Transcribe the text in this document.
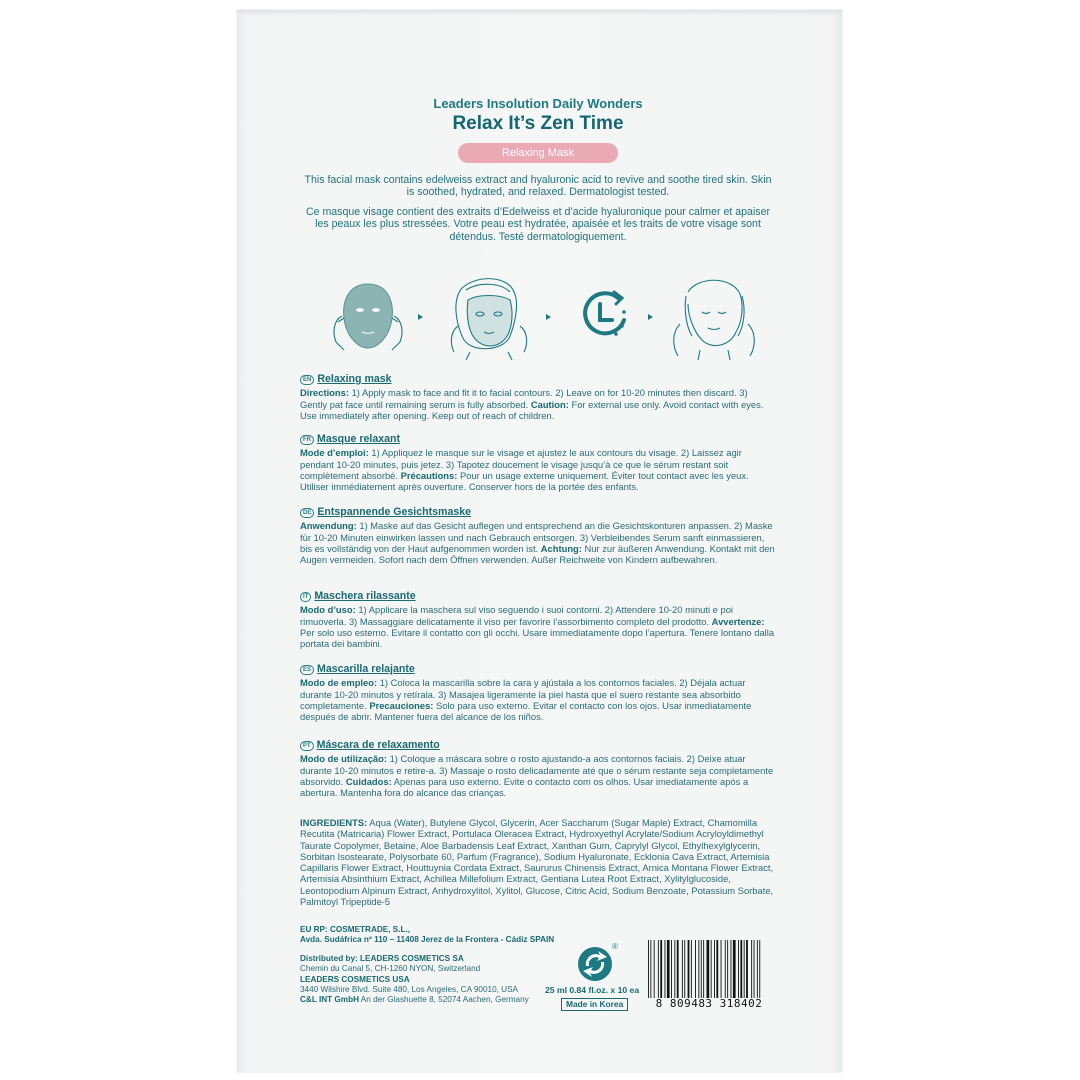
Leaders Insolution Daily Wonders
Relax It’s Zen Time
Relaxing Mask
This facial mask contains edelweiss extract and hyaluronic acid to revive and soothe tired skin. Skin is soothed, hydrated, and relaxed. Dermatologist tested.
Ce masque visage contient des extraits d’Edelweiss et d’acide hyaluronique pour calmer et apaiser les peaux les plus stressées. Votre peau est hydratée, apaisée et les traits de votre visage sont détendus. Testé dermatologiquement.
EN Relaxing mask
Directions: 1) Apply mask to face and fit it to facial contours. 2) Leave on for 10-20 minutes then discard. 3) Gently pat face until remaining serum is fully absorbed. Caution: For external use only. Avoid contact with eyes. Use immediately after opening. Keep out of reach of children.
FR Masque relaxant
Mode d’emploi: 1) Appliquez le masque sur le visage et ajustez le aux contours du visage. 2) Laissez agir pendant 10-20 minutes, puis jetez. 3) Tapotez doucement le visage jusqu’à ce que le sérum restant soit complètement absorbé. Précautions: Pour un usage externe uniquement. Éviter tout contact avec les yeux. Utiliser immédiatement après ouverture. Conserver hors de la portée des enfants.
DE Entspannende Gesichtsmaske
Anwendung: 1) Maske auf das Gesicht auflegen und entsprechend an die Gesichtskonturen anpassen. 2) Maske für 10-20 Minuten einwirken lassen und nach Gebrauch entsorgen. 3) Verbleibendes Serum sanft einmassieren, bis es vollständig von der Haut aufgenommen worden ist. Achtung: Nur zur äußeren Anwendung. Kontakt mit den Augen vermeiden. Sofort nach dem Öffnen verwenden. Außer Reichweite von Kindern aufbewahren.
IT Maschera rilassante
Modo d’uso: 1) Applicare la maschera sul viso seguendo i suoi contorni. 2) Attendere 10-20 minuti e poi rimuoverla. 3) Massaggiare delicatamente il viso per favorire l’assorbimento completo del prodotto. Avvertenze: Per solo uso esterno. Evitare il contatto con gli occhi. Usare immediatamente dopo l’apertura. Tenere lontano dalla portata dei bambini.
ES Mascarilla relajante
Modo de empleo: 1) Coloca la mascarilla sobre la cara y ajústala a los contornos faciales. 2) Déjala actuar durante 10-20 minutos y retírala. 3) Masajea ligeramente la piel hasta que el suero restante sea absorbido completamente. Precauciones: Solo para uso externo. Evitar el contacto con los ojos. Usar inmediatamente después de abrir. Mantener fuera del alcance de los niños.
PT Máscara de relaxamento
Modo de utilização: 1) Coloque a máscara sobre o rosto ajustando-a aos contornos faciais. 2) Deixe atuar durante 10-20 minutos e retire-a. 3) Massaje o rosto delicadamente até que o sérum restante seja completamente absorvido. Cuidados: Apenas para uso externo. Evite o contacto com os olhos. Usar imediatamente após a abertura. Mantenha fora do alcance das crianças.
INGREDIENTS: Aqua (Water), Butylene Glycol, Glycerin, Acer Saccharum (Sugar Maple) Extract, Chamomilla Recutita (Matricaria) Flower Extract, Portulaca Oleracea Extract, Hydroxyethyl Acrylate/Sodium Acryloyldimethyl Taurate Copolymer, Betaine, Aloe Barbadensis Leaf Extract, Xanthan Gum, Caprylyl Glycol, Ethylhexylglycerin, Sorbitan Isostearate, Polysorbate 60, Parfum (Fragrance), Sodium Hyaluronate, Ecklonia Cava Extract, Artemisia Capillaris Flower Extract, Houttuynia Cordata Extract, Saururus Chinensis Extract, Arnica Montana Flower Extract, Artemisia Absinthium Extract, Achillea Millefolium Extract, Gentiana Lutea Root Extract, Xylitylglucoside, Leontopodium Alpinum Extract, Anhydroxylitol, Xylitol, Glucose, Citric Acid, Sodium Benzoate, Potassium Sorbate, Palmitoyl Tripeptide-5
EU RP: COSMETRADE, S.L.,
Avda. Sudáfrica nº 110 – 11408 Jerez de la Frontera - Cádiz SPAIN
Distributed by: LEADERS COSMETICS SA
Chemin du Canal 5, CH-1260 NYON, Switzerland
LEADERS COSMETICS USA
3440 Wilshire Blvd. Suite 480, Los Angeles, CA 90010, USA
C&L INT GmbH An der Glashuette 8, 52074 Aachen, Germany
®
25 ml 0.84 fl.oz. x 10 ea
Made in Korea	8 809483 318402
